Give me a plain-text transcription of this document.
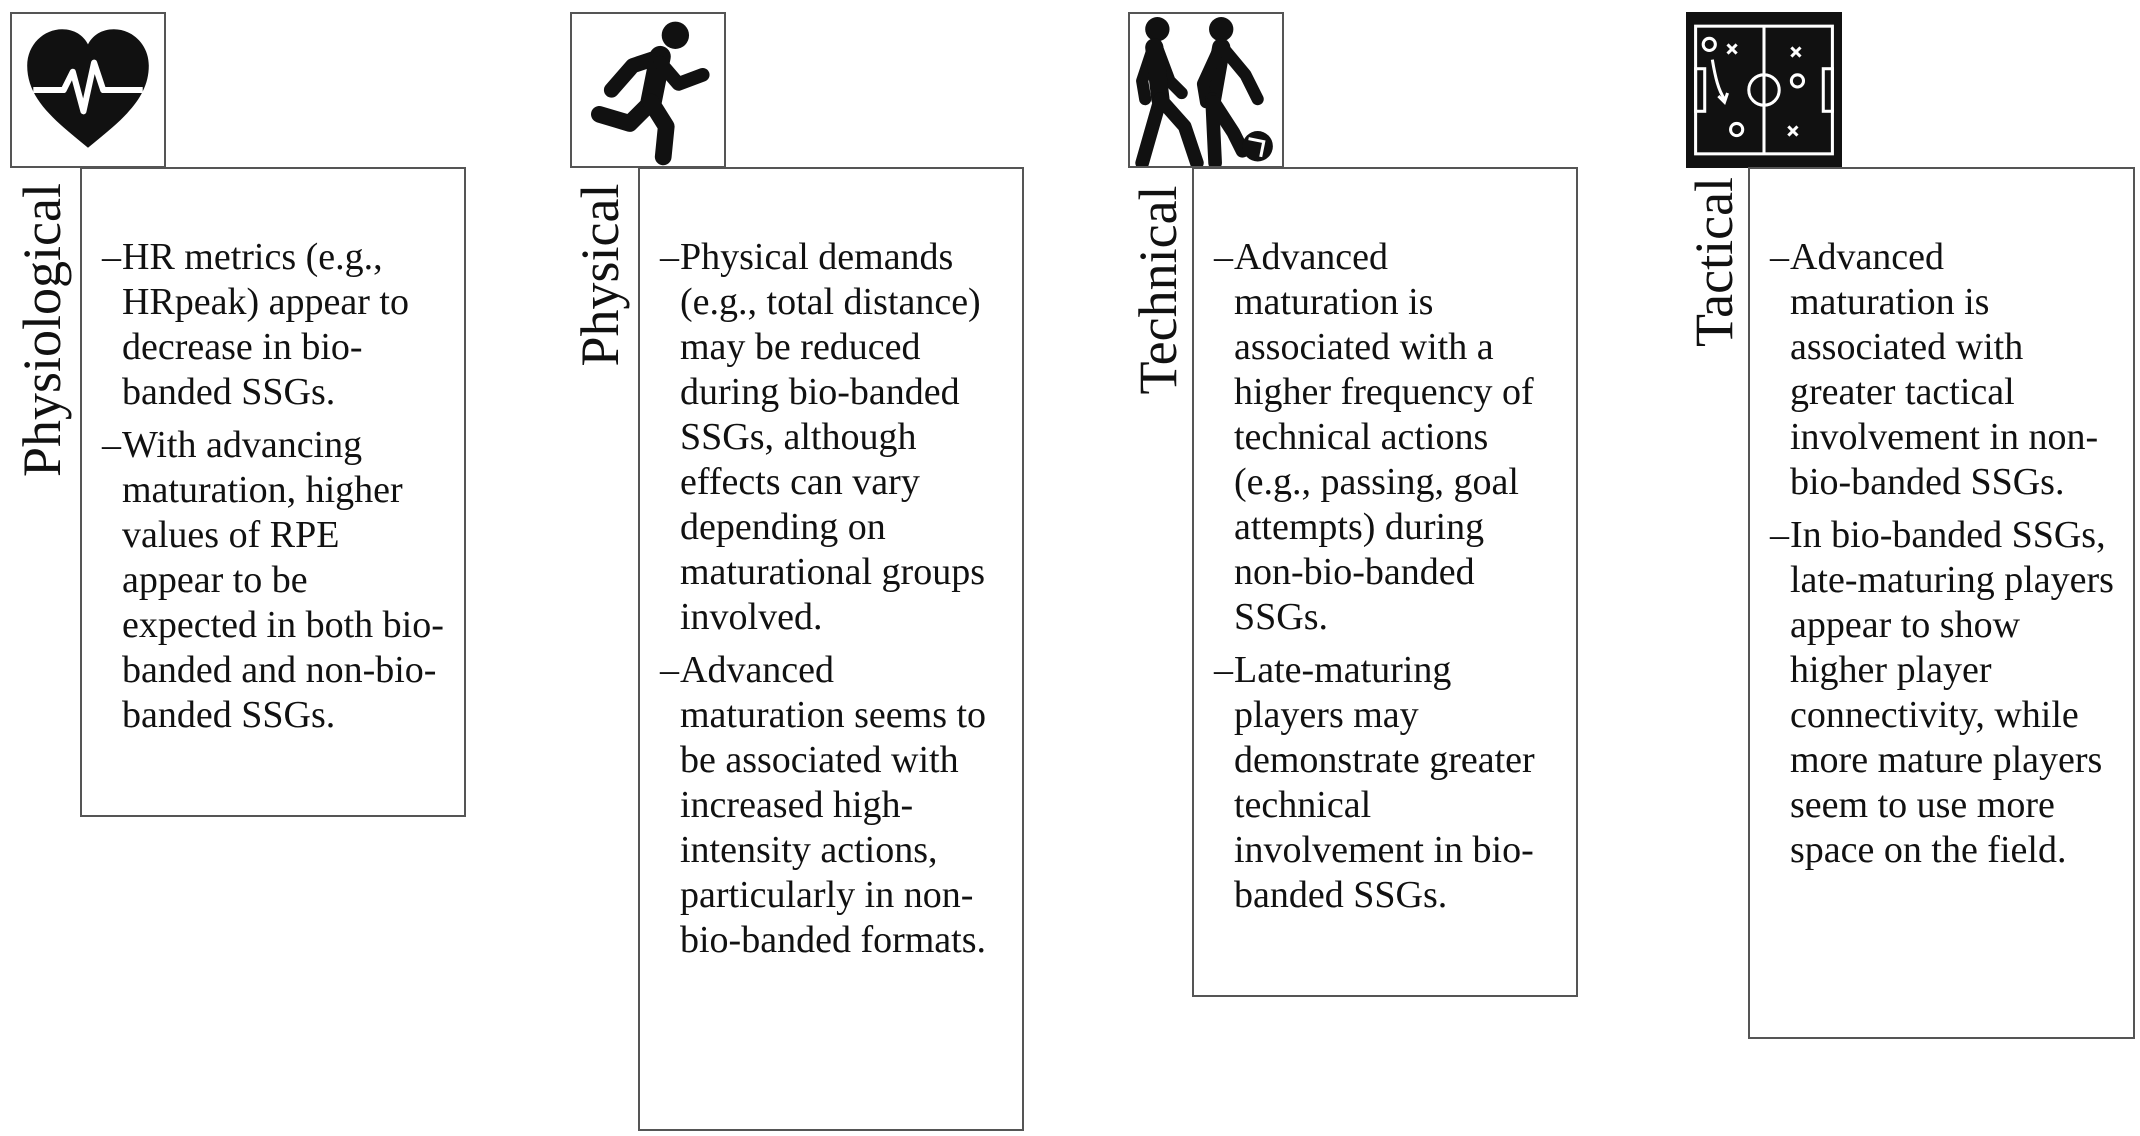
Physiological – HR metrics (e.g., HRpeak) appear to decrease in bio-banded SSGs.
– With advancing maturation, higher values of RPE appear to be expected in both bio-banded and non-bio-banded SSGs.
Physical – Physical demands (e.g., total distance) may be reduced during bio-banded SSGs, although effects can vary depending on maturational groups involved.
– Advanced maturation seems to be associated with increased high-intensity actions, particularly in non-bio-banded formats.
Technical – Advanced maturation is associated with a higher frequency of technical actions (e.g., passing, goal attempts) during non-bio-banded SSGs.
– Late-maturing players may demonstrate greater technical involvement in bio-banded SSGs.
Tactical – Advanced maturation is associated with greater tactical involvement in non-bio-banded SSGs.
– In bio-banded SSGs, late-maturing players appear to show higher player connectivity, while more mature players seem to use more space on the field.
